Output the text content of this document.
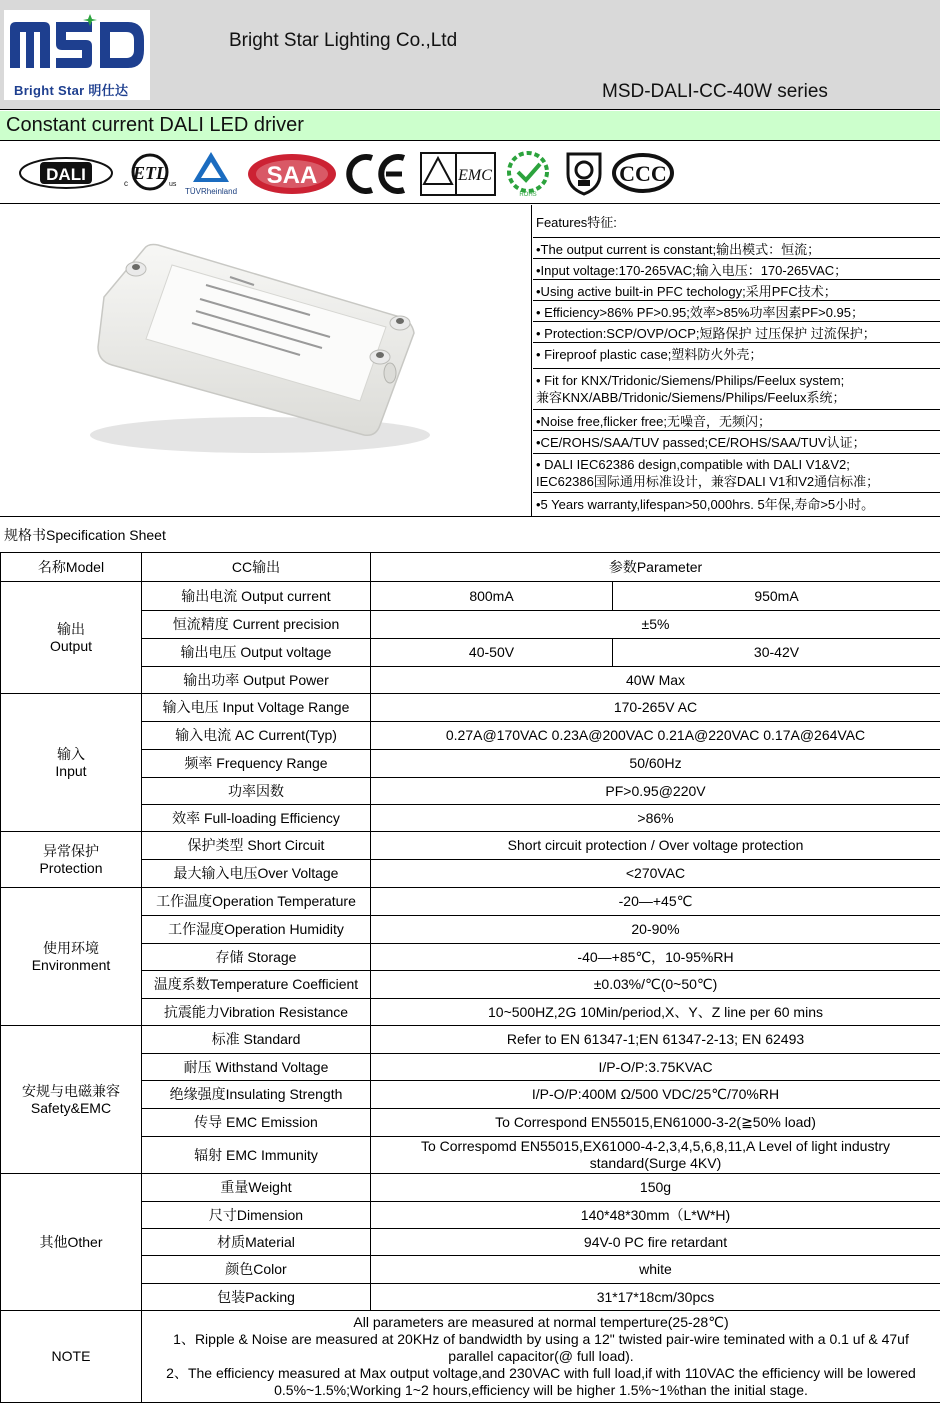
Bright Star 明仕达
Bright Star Lighting Co.,Ltd
MSD-DALI-CC-40W series
Constant current DALI LED driver
DALI	ETL
c	us
TÜVRheinland
SAA	EMC
ROHS
CCC
Features特征:
•The output current is constant;输出模式：恒流；
•Input voltage:170-265VAC;输入电压：170-265VAC；
•Using active built-in PFC techology;采用PFC技术；
• Efficiency>86% PF>0.95;效率>85%功率因素PF>0.95；
• Protection:SCP/OVP/OCP;短路保护 过压保护 过流保护；
• Fireproof plastic case;塑料防火外壳；
• Fit for KNX/Tridonic/Siemens/Philips/Feelux system;
兼容KNX/ABB/Tridonic/Siemens/Philips/Feelux系统；
•Noise free,flicker free;无噪音，无频闪；
•CE/ROHS/SAA/TUV passed;CE/ROHS/SAA/TUV认证；
• DALI IEC62386 design,compatible with DALI V1&V2;
IEC62386国际通用标准设计，兼容DALI V1和V2通信标准；
•5 Years warranty,lifespan>50,000hrs. 5年保,寿命>5小时。
规格书Specification Sheet
名称Model	CC输出	参数Parameter	

输出
Output	输出电流 Output current	800mA	950mA
	恒流精度 Current precision	±5%	
	输出电压 Output voltage	40-50V	30-42V
	输出功率 Output Power	40W Max	

输入
Input	输入电压 Input Voltage Range	170-265V AC	
	输入电流 AC Current(Typ)	0.27A@170VAC 0.23A@200VAC 0.21A@220VAC 0.17A@264VAC	
	频率 Frequency Range	50/60Hz	
	功率因数	PF>0.95@220V	
	效率 Full-loading Efficiency	>86%	

异常保护
Protection	保护类型 Short Circuit	Short circuit protection / Over voltage protection	
	最大输入电压Over Voltage	<270VAC	

使用环境
Environment	工作温度Operation Temperature	-20—+45℃	
	工作湿度Operation Humidity	20-90%	
	存储 Storage	-40—+85℃，10-95%RH	
	温度系数Temperature Coefficient	±0.03%/℃(0~50℃)	
	抗震能力Vibration Resistance	10~500HZ,2G 10Min/period,X、Y、Z line per 60 mins	

安规与电磁兼容
Safety&EMC	标准 Standard	Refer to EN 61347-1;EN 61347-2-13; EN 62493	
	耐压 Withstand Voltage	I/P-O/P:3.75KVAC	
	绝缘强度Insulating Strength	I/P-O/P:400M Ω/500 VDC/25℃/70%RH	
	传导 EMC Emission	To Correspond EN55015,EN61000-3-2(≧50% load)	
	辐射 EMC Immunity	To Correspomd EN55015,EX61000-4-2,3,4,5,6,8,11,A Level of light industry
standard(Surge 4KV)	

其他Other	重量Weight	150g	
	尺寸Dimension	140*48*30mm（L*W*H)	
	材质Material	94V-0 PC fire retardant	
	颜色Color	white	
	包装Packing	31*17*18cm/30pcs	
NOTE	All parameters are measured at normal temperture(25-28℃)
1、Ripple & Noise are measured at 20KHz of bandwidth by using a 12" twisted pair-wire teminated with a 0.1 uf & 47uf
parallel capacitor(@ full load).
2、The efficiency measured at Max output voltage,and 230VAC with full load,if with 110VAC the efficiency will be lowered
0.5%~1.5%;Working 1~2 hours,efficiency will be higher 1.5%~1%than the initial stage.		
